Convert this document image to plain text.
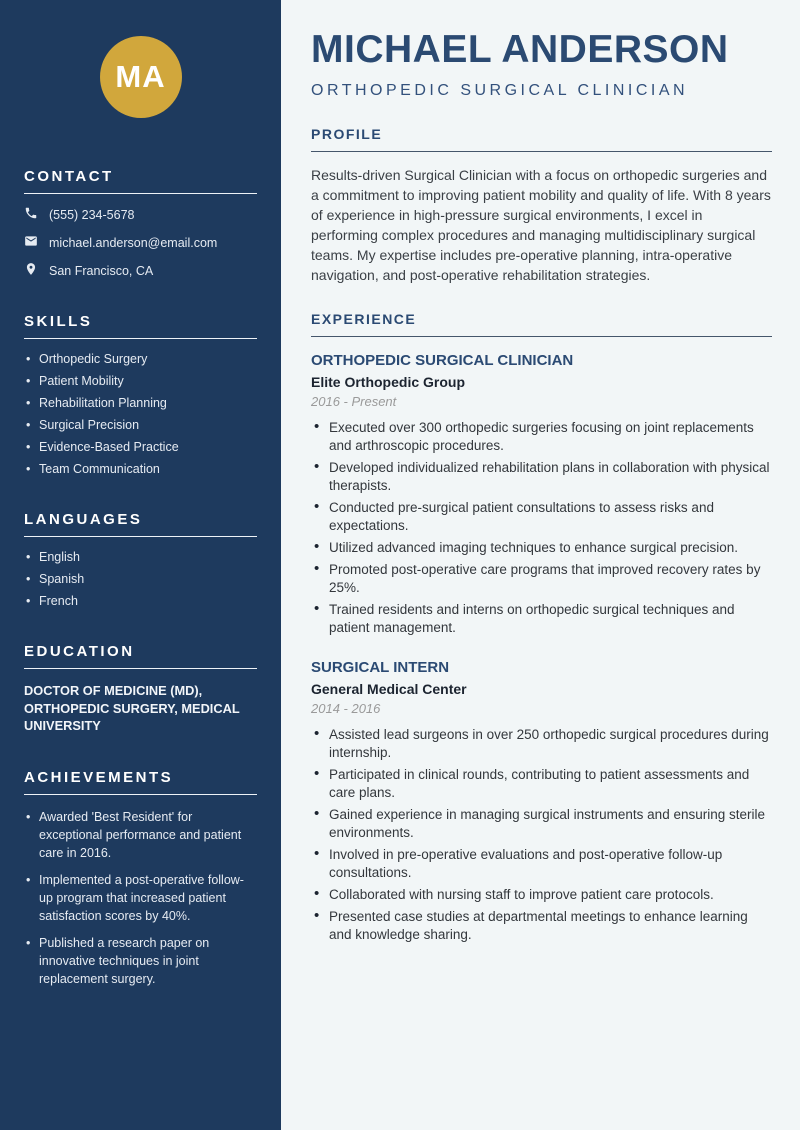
MA
CONTACT
(555) 234-5678
michael.anderson@email.com
San Francisco, CA
SKILLS
• Orthopedic Surgery
• Patient Mobility
• Rehabilitation Planning
• Surgical Precision
• Evidence-Based Practice
• Team Communication
LANGUAGES
• English
• Spanish
• French
EDUCATION
DOCTOR OF MEDICINE (MD), ORTHOPEDIC SURGERY, MEDICAL UNIVERSITY
ACHIEVEMENTS
• Awarded 'Best Resident' for exceptional performance and patient care in 2016.
• Implemented a post-operative follow-up program that increased patient satisfaction scores by 40%.
• Published a research paper on innovative techniques in joint replacement surgery.
MICHAEL ANDERSON
ORTHOPEDIC SURGICAL CLINICIAN
PROFILE

Results-driven Surgical Clinician with a focus on orthopedic surgeries and a commitment to improving patient mobility and quality of life. With 8 years of experience in high-pressure surgical environments, I excel in performing complex procedures and managing multidisciplinary surgical teams. My expertise includes pre-operative planning, intra-operative navigation, and post-operative rehabilitation strategies.

EXPERIENCE
ORTHOPEDIC SURGICAL CLINICIAN
Elite Orthopedic Group
2016 - Present
• Executed over 300 orthopedic surgeries focusing on joint replacements and arthroscopic procedures.
• Developed individualized rehabilitation plans in collaboration with physical therapists.
• Conducted pre-surgical patient consultations to assess risks and expectations.
• Utilized advanced imaging techniques to enhance surgical precision.
• Promoted post-operative care programs that improved recovery rates by 25%.
• Trained residents and interns on orthopedic surgical techniques and patient management.
SURGICAL INTERN
General Medical Center
2014 - 2016
• Assisted lead surgeons in over 250 orthopedic surgical procedures during internship.
• Participated in clinical rounds, contributing to patient assessments and care plans.
• Gained experience in managing surgical instruments and ensuring sterile environments.
• Involved in pre-operative evaluations and post-operative follow-up consultations.
• Collaborated with nursing staff to improve patient care protocols.
• Presented case studies at departmental meetings to enhance learning and knowledge sharing.
